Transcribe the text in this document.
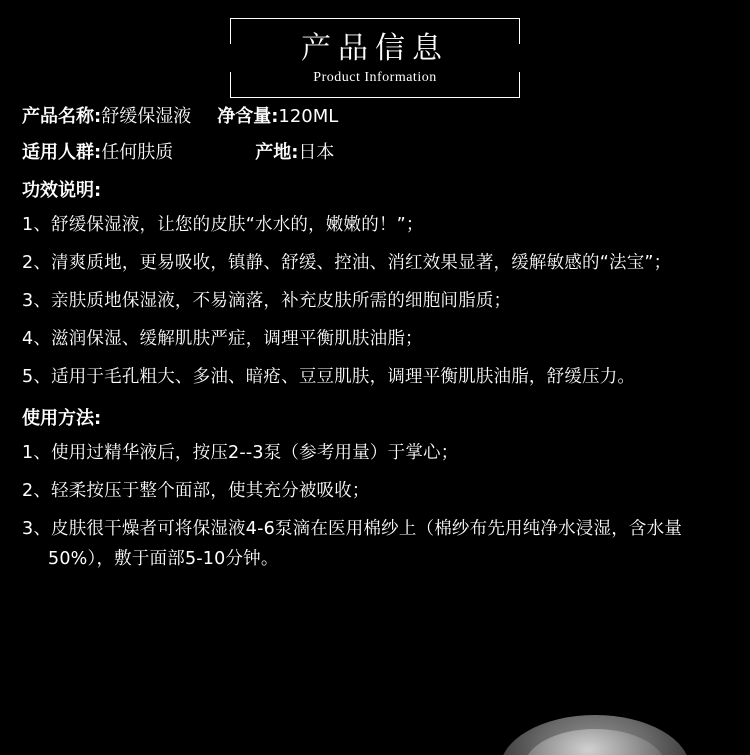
产品信息
Product Information
产品名称: 舒缓保湿液 净含量: 120ML
适用人群: 任何肤质	产地: 日本
功效说明:

1、舒缓保湿液，让您的皮肤“水水的，嫩嫩的！”；

2、清爽质地，更易吸收，镇静、舒缓、控油、消红效果显著，缓解敏感的“法宝”；

3、亲肤质地保湿液，不易滴落，补充皮肤所需的细胞间脂质；

4、滋润保湿、缓解肌肤严症，调理平衡肌肤油脂；

5、适用于毛孔粗大、多油、暗疮、豆豆肌肤，调理平衡肌肤油脂，舒缓压力。

使用方法:

1、使用过精华液后，按压2--3泵（参考用量）于掌心；

2、轻柔按压于整个面部，使其充分被吸收；

3、皮肤很干燥者可将保湿液4-6泵滴在医用棉纱上（棉纱布先用纯净水浸湿，含水量50%），敷于面部5-10分钟。
